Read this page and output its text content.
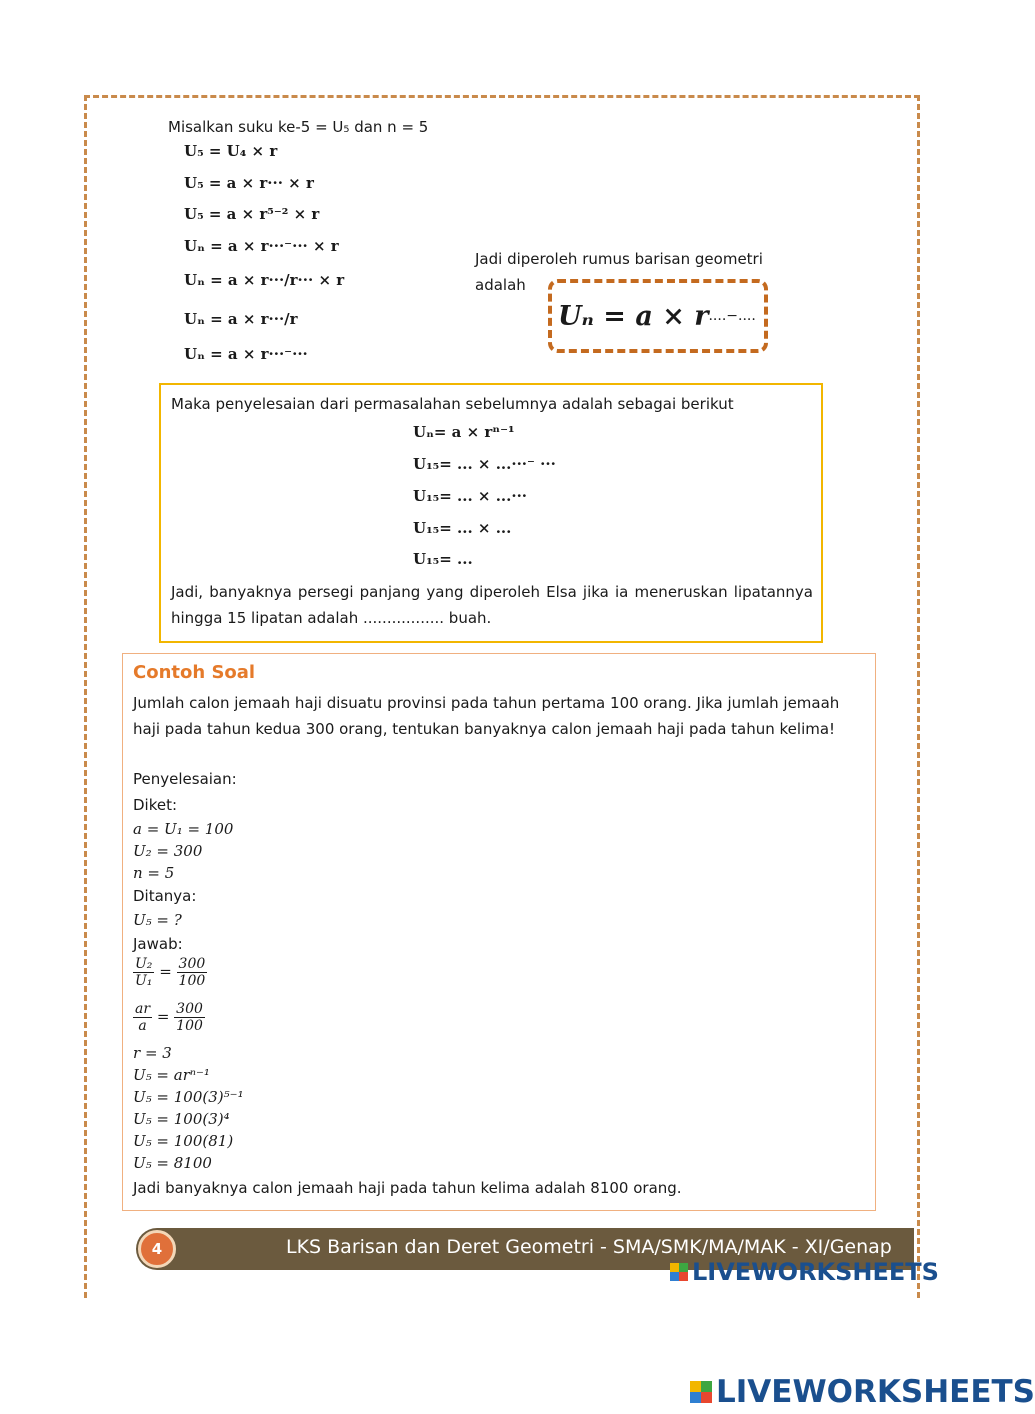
Misalkan suku ke-5 = U₅ dan n = 5
U₅ = U₄ × r
U₅ = a × r··· × r
U₅ = a × r⁵⁻² × r
Uₙ = a × r···⁻··· × r
Uₙ = a × r···/r··· × r
Uₙ = a × r···/r
Uₙ = a × r···⁻···
Jadi diperoleh rumus barisan geometri adalah
Uₙ = a × r ....−....
Maka penyelesaian dari permasalahan sebelumnya adalah sebagai berikut
Uₙ= a × rⁿ⁻¹
U₁₅= ... × ...···⁻ ···
U₁₅= ... × ...···
U₁₅= ... × ...
U₁₅= ...
Jadi, banyaknya persegi panjang yang diperoleh Elsa jika ia meneruskan lipatannya hingga 15 lipatan adalah ................. buah.
Contoh Soal
Jumlah calon jemaah haji disuatu provinsi pada tahun pertama 100 orang. Jika jumlah jemaah haji pada tahun kedua 300 orang, tentukan banyaknya calon jemaah haji pada tahun kelima!
Penyelesaian:
Diket:
a = U₁ = 100
U₂ = 300
n = 5
Ditanya:
U₅ = ?
Jawab:
$\frac{\text{U₂}}{\text{U₁}} = \frac{300}{100}$
$\frac{ar}{a} = \frac{300}{100}$
r = 3
U₅ = arⁿ⁻¹
U₅ = 100(3)⁵⁻¹
U₅ = 100(3)⁴
U₅ = 100(81)
U₅ = 8100
Jadi banyaknya calon jemaah haji pada tahun kelima adalah 8100 orang.
4	LKS Barisan dan Deret Geometri - SMA/SMK/MA/MAK - XI/Genap
LIVEWORKSHEETS
LIVEWORKSHEETS
